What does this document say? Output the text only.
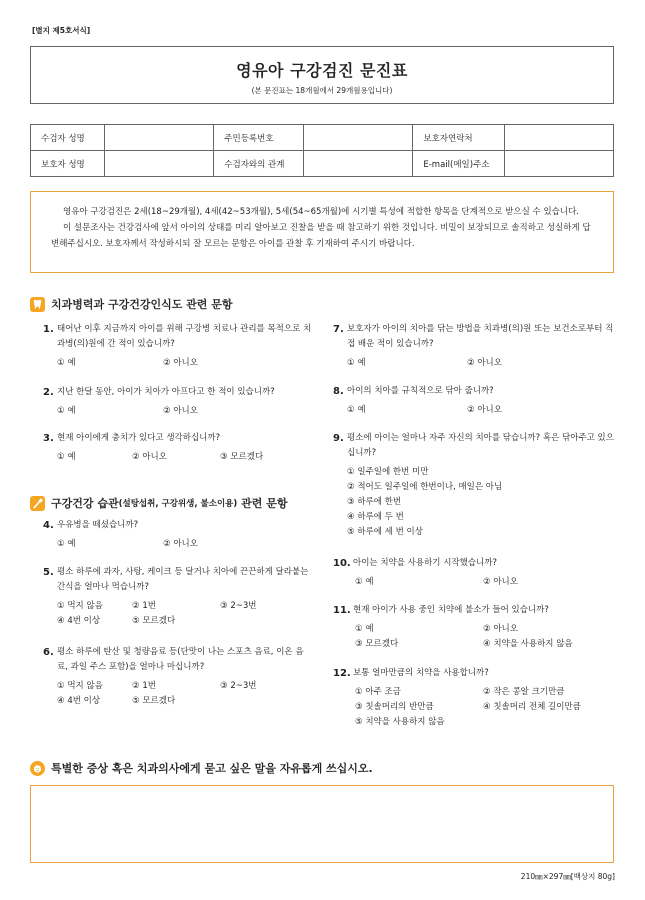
[별지 제5호서식]
영유아 구강검진 문진표
(본 문진표는 18개월에서 29개월용입니다)
수검자 성명		주민등록번호		보호자연락처	
보호자 성명		수검자와의 관계		E-mail(메일)주소	

영유아 구강검진은 2세(18~29개월), 4세(42~53개월), 5세(54~65개월)에 시기별 특성에 적합한 항목을 단계적으로 받으실 수 있습니다.

이 설문조사는 건강검사에 앞서 아이의 상태를 미리 알아보고 진찰을 받을 때 참고하기 위한 것입니다. 비밀이 보장되므로 솔직하고 성실하게 답변해주십시오. 보호자께서 작성하시되 잘 모르는 문항은 아이를 관찰 후 기재하여 주시기 바랍니다.

치과병력과 구강건강인식도 관련 문항
구강건강 습관 (설탕섭취, 구강위생, 불소이용) 관련 문항
1. 태어난 이후 지금까지 아이를 위해 구강병 치료나 관리를 목적으로 치과병(의)원에 간 적이 있습니까?
① 예	② 아니오
2. 지난 한달 동안, 아이가 치아가 아프다고 한 적이 있습니까?
① 예	② 아니오
3. 현재 아이에게 충치가 있다고 생각하십니까?
① 예	② 아니오	③ 모르겠다
4. 우유병을 떼셨습니까?
① 예	② 아니오
5. 평소 하루에 과자, 사탕, 케이크 등 달거나 치아에 끈끈하게 달라붙는 간식을 얼마나 먹습니까?
① 먹지 않음	② 1번	③ 2~3번
④ 4번 이상	⑤ 모르겠다
6. 평소 하루에 탄산 및 청량음료 등(단맛이 나는 스포츠 음료, 이온 음료, 과일 주스 포함)을 얼마나 마십니까?
① 먹지 않음	② 1번	③ 2~3번
④ 4번 이상	⑤ 모르겠다
7. 보호자가 아이의 치아를 닦는 방법을 치과병(의)원 또는 보건소로부터 직접 배운 적이 있습니까?
① 예	② 아니오
8. 아이의 치아를 규칙적으로 닦아 줍니까?
① 예	② 아니오
9. 평소에 아이는 얼마나 자주 자신의 치아를 닦습니까? 혹은 닦아주고 있으십니까?
① 일주일에 한번 미만
② 적어도 일주일에 한번이나, 매일은 아님
③ 하루에 한번
④ 하루에 두 번
⑤ 하루에 세 번 이상
10. 아이는 치약을 사용하기 시작했습니까?
① 예	② 아니오
11. 현재 아이가 사용 중인 치약에 불소가 들어 있습니까?
① 예	② 아니오
③ 모르겠다	④ 치약을 사용하지 않음
12. 보통 얼마만큼의 치약을 사용합니까?
① 아주 조금	② 작은 콩알 크기만큼
③ 칫솔머리의 반만큼	④ 칫솔머리 전체 길이만큼
⑤ 치약을 사용하지 않음
특별한 증상 혹은 치과의사에게 묻고 싶은 말을 자유롭게 쓰십시오.
210㎜×297㎜[백상지 80g]
